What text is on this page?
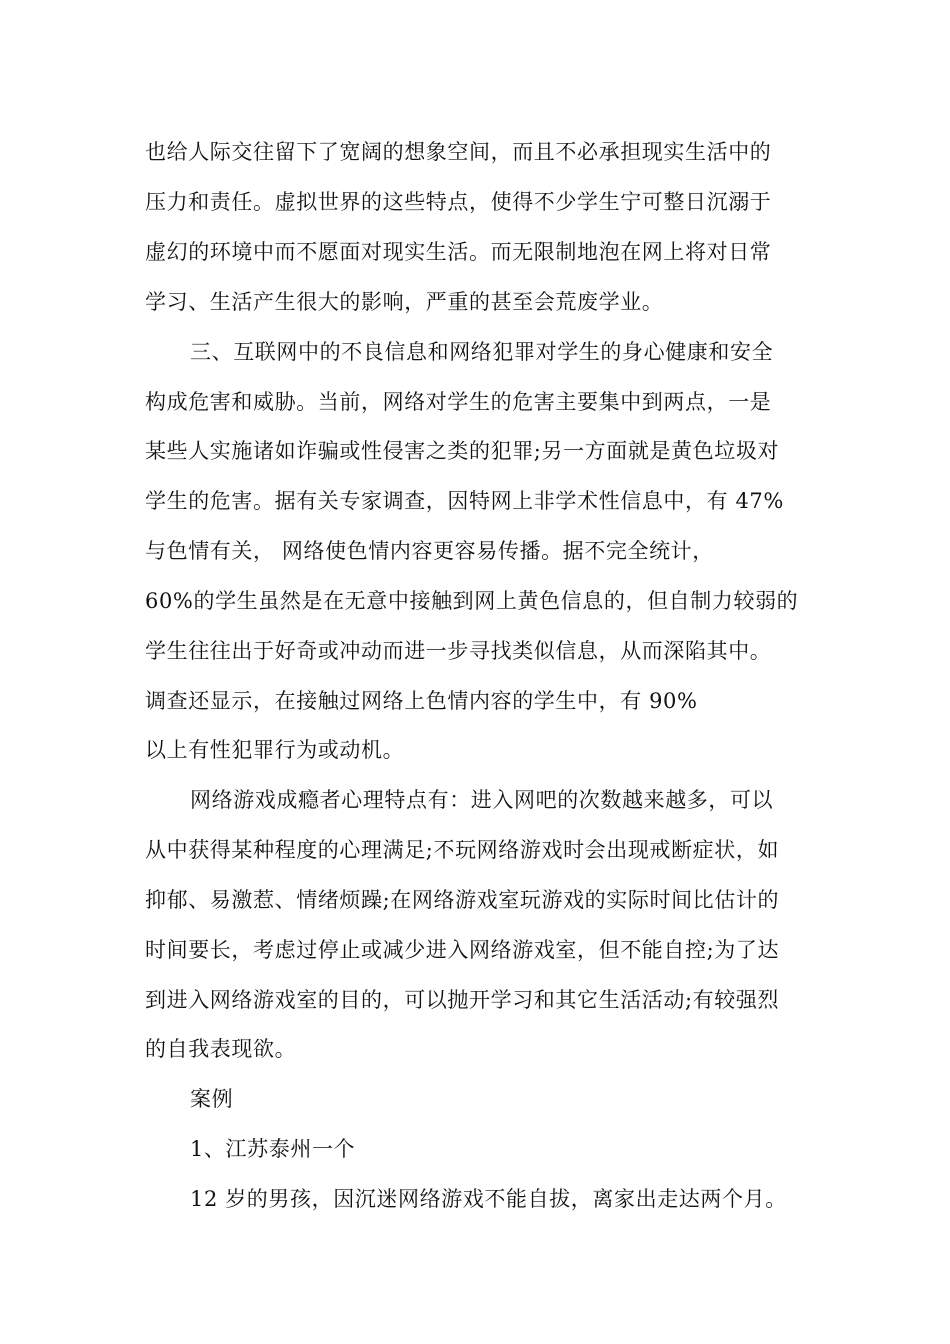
也给人际交往留下了宽阔的想象空间，而且不必承担现实生活中的
压力和责任。虚拟世界的这些特点，使得不少学生宁可整日沉溺于
虚幻的环境中而不愿面对现实生活。而无限制地泡在网上将对日常
学习、生活产生很大的影响，严重的甚至会荒废学业。
三、互联网中的不良信息和网络犯罪对学生的身心健康和安全
构成危害和威胁。当前，网络对学生的危害主要集中到两点，一是
某些人实施诸如诈骗或性侵害之类的犯罪;另一方面就是黄色垃圾对
学生的危害。据有关专家调查，因特网上非学术性信息中，有 47%
与色情有关， 网络使色情内容更容易传播。据不完全统计，
60%的学生虽然是在无意中接触到网上黄色信息的，但自制力较弱的
学生往往出于好奇或冲动而进一步寻找类似信息，从而深陷其中。
调查还显示，在接触过网络上色情内容的学生中，有 90%
以上有性犯罪行为或动机。
网络游戏成瘾者心理特点有：进入网吧的次数越来越多，可以
从中获得某种程度的心理满足;不玩网络游戏时会出现戒断症状，如
抑郁、易激惹、情绪烦躁;在网络游戏室玩游戏的实际时间比估计的
时间要长，考虑过停止或减少进入网络游戏室，但不能自控;为了达
到进入网络游戏室的目的，可以抛开学习和其它生活活动;有较强烈
的自我表现欲。
案例
1、江苏泰州一个
12 岁的男孩，因沉迷网络游戏不能自拔，离家出走达两个月。
